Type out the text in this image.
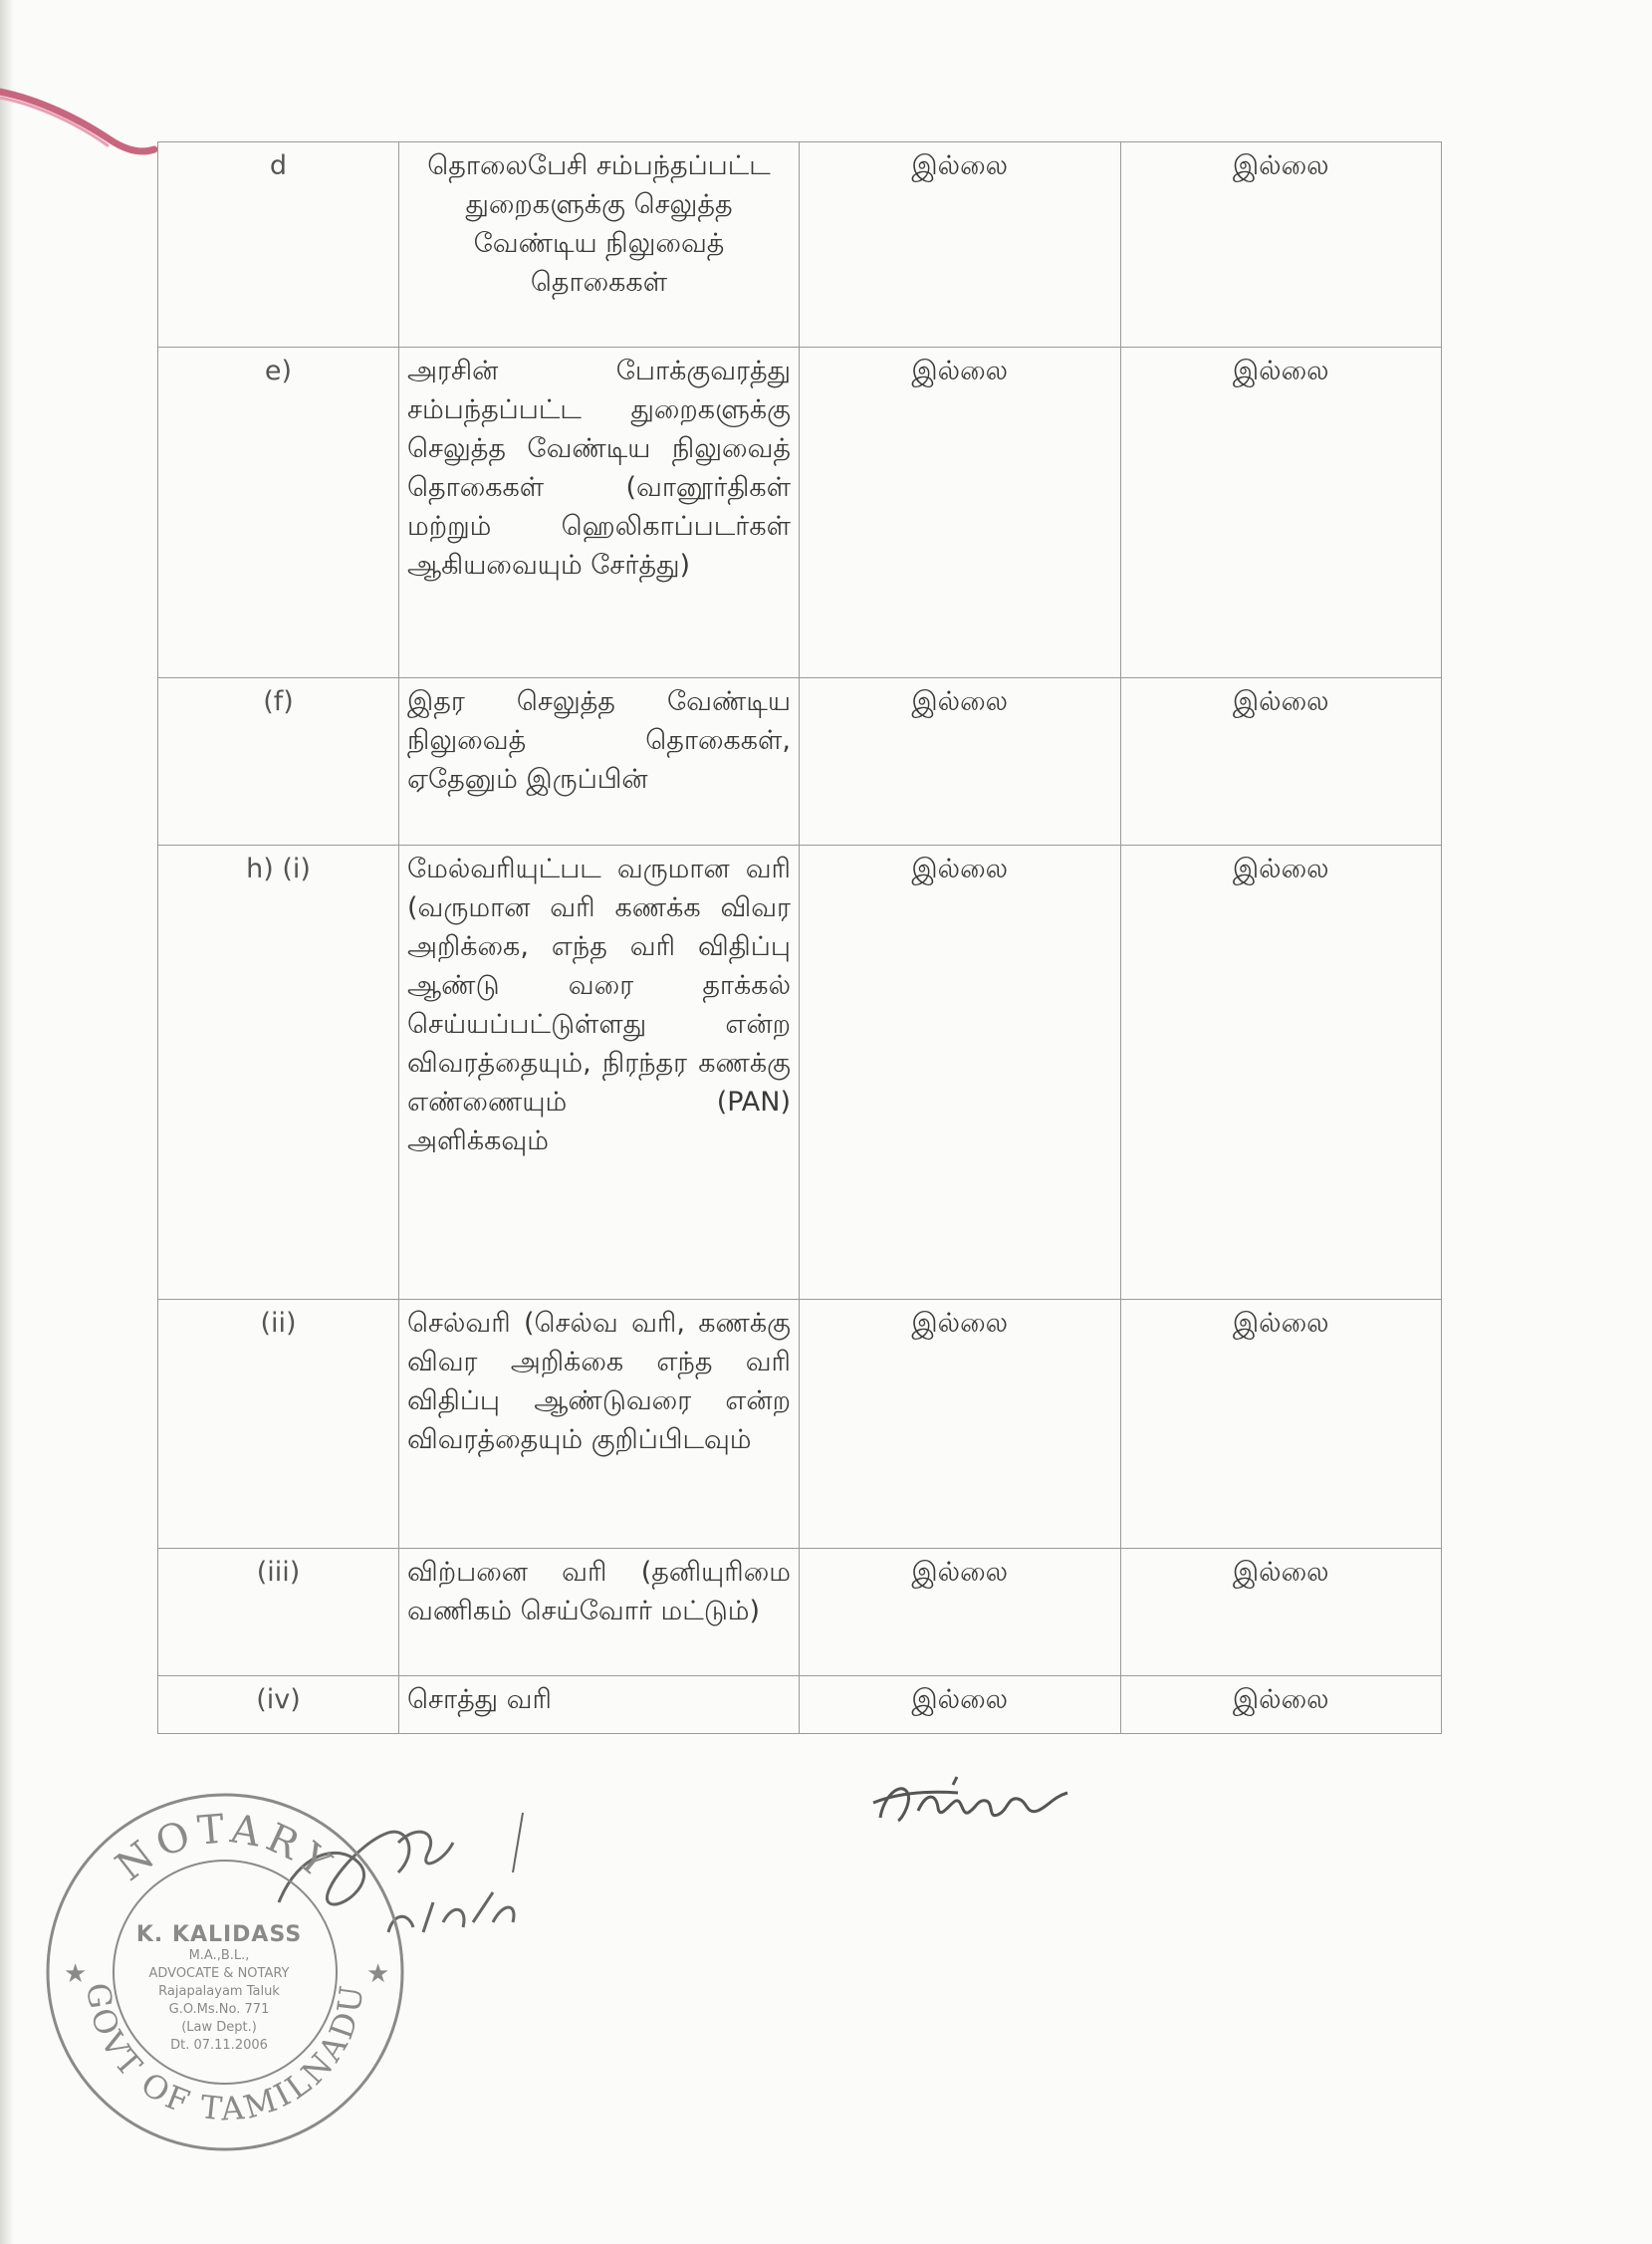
d	தொலைபேசி சம்பந்தப்பட்ட துறைகளுக்கு செலுத்த வேண்டிய நிலுவைத் தொகைகள்	இல்லை	இல்லை
e)	அரசின் போக்குவரத்து சம்பந்தப்பட்ட துறைகளுக்கு செலுத்த வேண்டிய நிலுவைத் தொகைகள் (வானூர்திகள் மற்றும் ஹெலிகாப்படர்கள் ஆகியவையும் சேர்த்து)	இல்லை	இல்லை
(f)	இதர செலுத்த வேண்டிய நிலுவைத் தொகைகள், ஏதேனும் இருப்பின்	இல்லை	இல்லை
h) (i)	மேல்வரியுட்பட வருமான வரி (வருமான வரி கணக்க விவர அறிக்கை, எந்த வரி விதிப்பு ஆண்டு வரை தாக்கல் செய்யப்பட்டுள்ளது என்ற விவரத்தையும், நிரந்தர கணக்கு எண்ணையும் (PAN) அளிக்கவும்	இல்லை	இல்லை
(ii)	செல்வரி (செல்வ வரி, கணக்கு விவர அறிக்கை எந்த வரி விதிப்பு ஆண்டுவரை என்ற விவரத்தையும் குறிப்பிடவும்	இல்லை	இல்லை
(iii)	விற்பனை வரி (தனியுரிமை வணிகம் செய்வோர் மட்டும்)	இல்லை	இல்லை
(iv)	சொத்து வரி	இல்லை	இல்லை
NOTARY
GOVT OF TAMILNADU
★	★
K. KALIDASS
M.A.,B.L.,
ADVOCATE & NOTARY
Rajapalayam Taluk
G.O.Ms.No. 771
(Law Dept.)
Dt. 07.11.2006
